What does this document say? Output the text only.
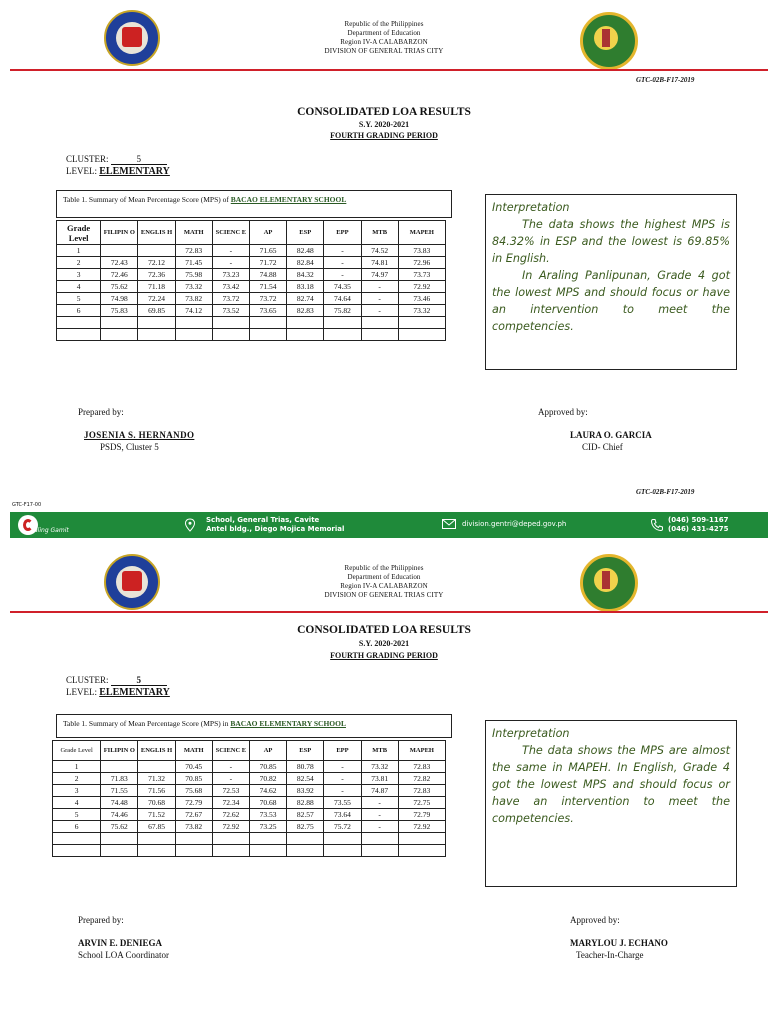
Republic of the Philippines
Department of Education
Region IV-A CALABARZON
DIVISION OF GENERAL TRIAS CITY
GTC-02B-F17-2019
CONSOLIDATED LOA RESULTS
S.Y. 2020-2021
FOURTH GRADING PERIOD
CLUSTER:	5
LEVEL: ELEMENTARY
Table 1. Summary of Mean Percentage Score (MPS) of BACAO ELEMENTARY SCHOOL
Grade Level	FILIPIN O	ENGLIS H	MATH	SCIENC E	AP	ESP	EPP	MTB	MAPEH
1			72.83	-	71.65	82.48	-	74.52	73.83
2	72.43	72.12	71.45	-	71.72	82.84	-	74.81	72.96
3	72.46	72.36	75.98	73.23	74.88	84.32	-	74.97	73.73
4	75.62	71.18	73.32	73.42	71.54	83.18	74.35	-	72.92
5	74.98	72.24	73.82	73.72	73.72	82.74	74.64	-	73.46
6	75.83	69.85	74.12	73.52	73.65	82.83	75.82	-	73.32

Interpretation

The data shows the highest MPS is 84.32% in ESP and the lowest is 69.85% in English.

In Araling Panlipunan, Grade 4 got the lowest MPS and should focus or have an intervention to meet the competencies.

Prepared by:
JOSENIA S. HERNANDO
PSDS, Cluster 5
Approved by:
LAURA O. GARCIA
CID- Chief
GTC-02B-F17-2019
GTC-F17-00
aling Gamit
School, General Trias, Cavite
Antel bldg., Diego Mojica Memorial
division.gentri@deped.gov.ph	(046) 509-1167
(046) 431-4275
Republic of the Philippines
Department of Education
Region IV-A CALABARZON
DIVISION OF GENERAL TRIAS CITY
CONSOLIDATED LOA RESULTS
S.Y. 2020-2021
FOURTH GRADING PERIOD
CLUSTER:	5
LEVEL: ELEMENTARY
Table 1. Summary of Mean Percentage Score (MPS) in BACAO ELEMENTARY SCHOOL
Grade Level	FILIPIN O	ENGLIS H	MATH	SCIENC E	AP	ESP	EPP	MTB	MAPEH
1			70.45	-	70.85	80.78	-	73.32	72.83
2	71.83	71.32	70.85	-	70.82	82.54	-	73.81	72.82
3	71.55	71.56	75.68	72.53	74.62	83.92	-	74.87	72.83
4	74.48	70.68	72.79	72.34	70.68	82.88	73.55	-	72.75
5	74.46	71.52	72.67	72.62	73.53	82.57	73.64	-	72.79
6	75.62	67.85	73.82	72.92	73.25	82.75	75.72	-	72.92

Interpretation

The data shows the MPS are almost the same in MAPEH. In English, Grade 4 got the lowest MPS and should focus or have an intervention to meet the competencies.

Prepared by:
ARVIN E. DENIEGA
School LOA Coordinator
Approved by:
MARYLOU J. ECHANO
Teacher-In-Charge
